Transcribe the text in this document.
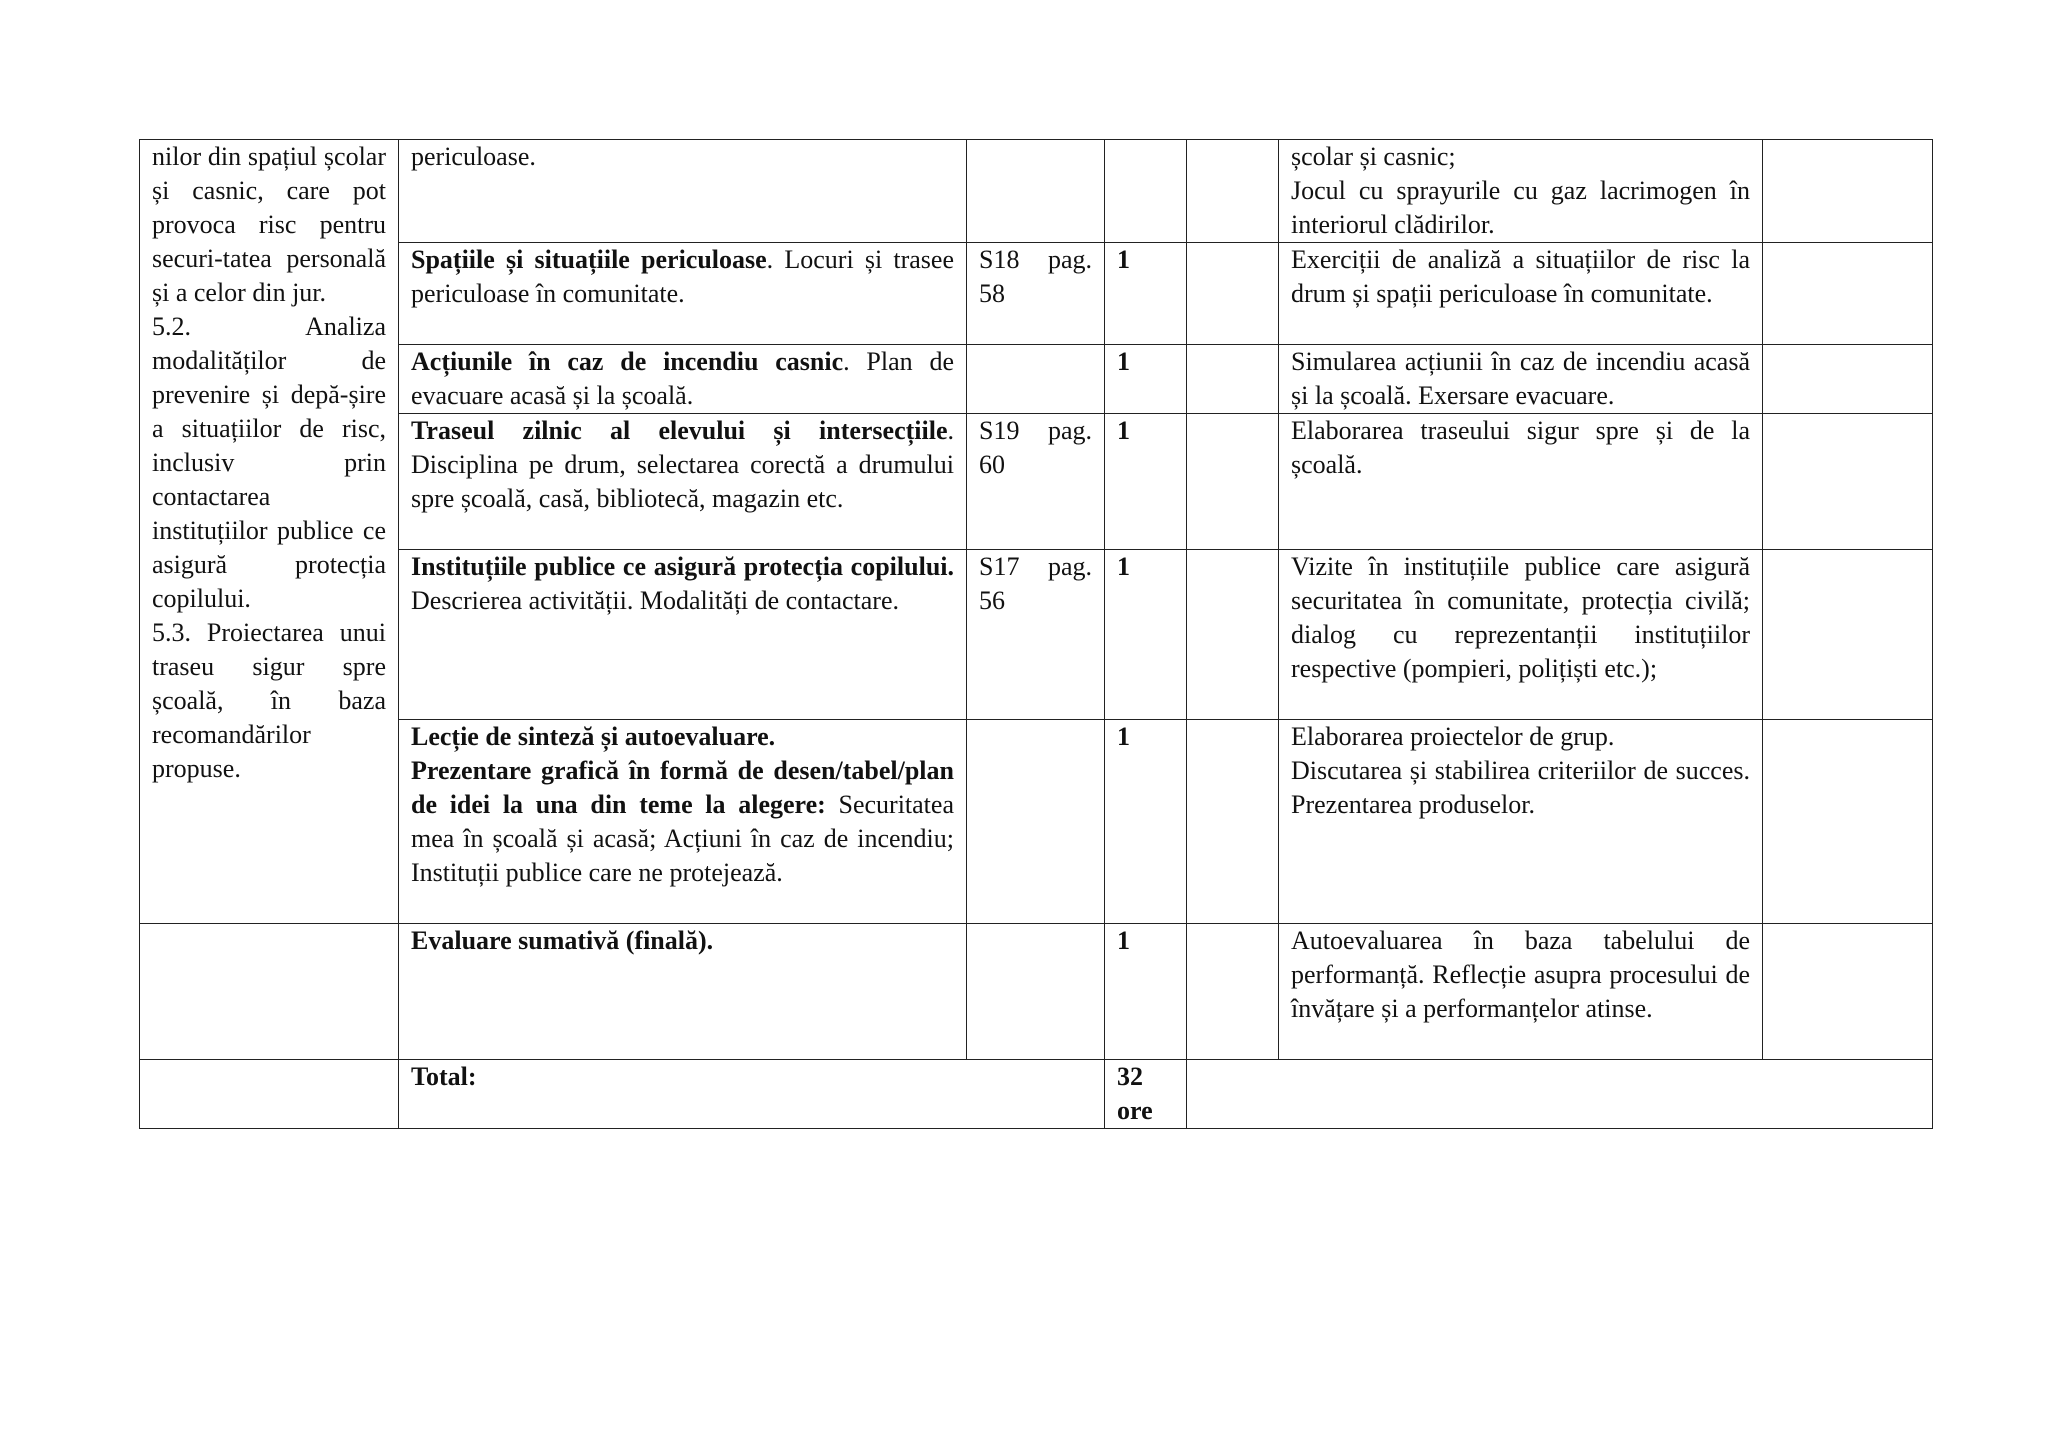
nilor din spațiul școlar și casnic, care pot provoca risc pentru securi-tatea personală și a celor din jur.
5.2. Analiza modalităților de prevenire și depă-șire a situațiilor de risc, inclusiv prin contactarea instituțiilor publice ce asigură protecția copilului.
5.3. Proiectarea unui traseu sigur spre școală, în baza recomandărilor propuse.	periculoase.				școlar și casnic;
Jocul cu sprayurile cu gaz lacrimogen în interiorul clădirilor.	

	Spațiile și situațiile periculoase. Locuri și trasee periculoase în comunitate.	S18 pag. 58	1		Exerciții de analiză a situațiilor de risc la drum și spații periculoase în comunitate.	

	Acțiunile în caz de incendiu casnic. Plan de evacuare acasă și la școală.		1		Simularea acțiunii în caz de incendiu acasă și la școală. Exersare evacuare.	

	Traseul zilnic al elevului și intersecțiile. Disciplina pe drum, selectarea corectă a drumului spre școală, casă, bibliotecă, magazin etc.	S19 pag. 60	1		Elaborarea traseului sigur spre și de la școală.	

	Instituțiile publice ce asigură protecția copilului. Descrierea activității. Modalități de contactare.	S17 pag. 56	1		Vizite în instituțiile publice care asigură securitatea în comunitate, protecția civilă; dialog cu reprezentanții instituțiilor respective (pompieri, polițiști etc.);	

	Lecție de sinteză și autoevaluare.
Prezentare grafică în formă de desen/tabel/plan de idei la una din teme la alegere: Securitatea mea în școală și acasă; Acțiuni în caz de incendiu; Instituții publice care ne protejează.		1		Elaborarea proiectelor de grup.
Discutarea și stabilirea criteriilor de succes. Prezentarea produselor.	

	Evaluare sumativă (finală).		1		Autoevaluarea în baza tabelului de performanță. Reflecție asupra procesului de învățare și a performanțelor atinse.	

	Total:		32
ore			
